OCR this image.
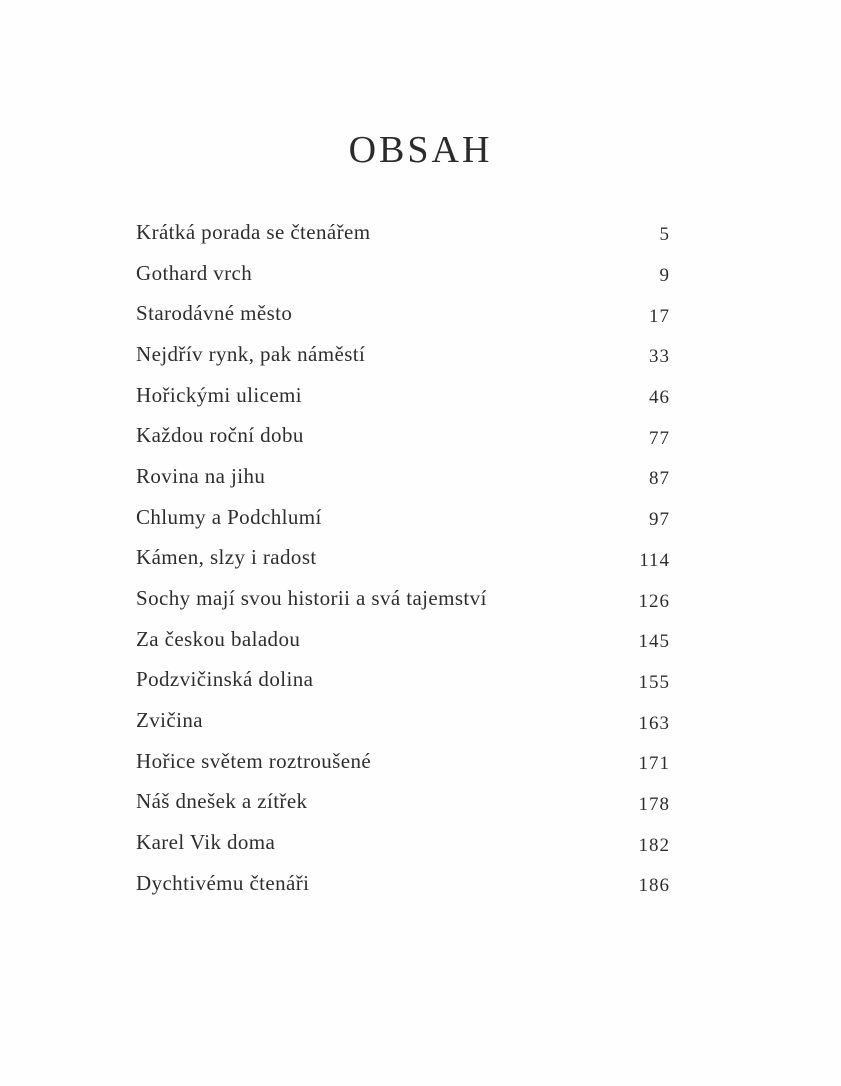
OBSAH
Krátká porada se čtenářem	5
Gothard vrch	9
Starodávné město	17
Nejdřív rynk, pak náměstí	33
Hořickými ulicemi	46
Každou roční dobu	77
Rovina na jihu	87
Chlumy a Podchlumí	97
Kámen, slzy i radost	114
Sochy mají svou historii a svá tajemství	126
Za českou baladou	145
Podzvičinská dolina	155
Zvičina	163
Hořice světem roztroušené	171
Náš dnešek a zítřek	178
Karel Vik doma	182
Dychtivému čtenáři	186
